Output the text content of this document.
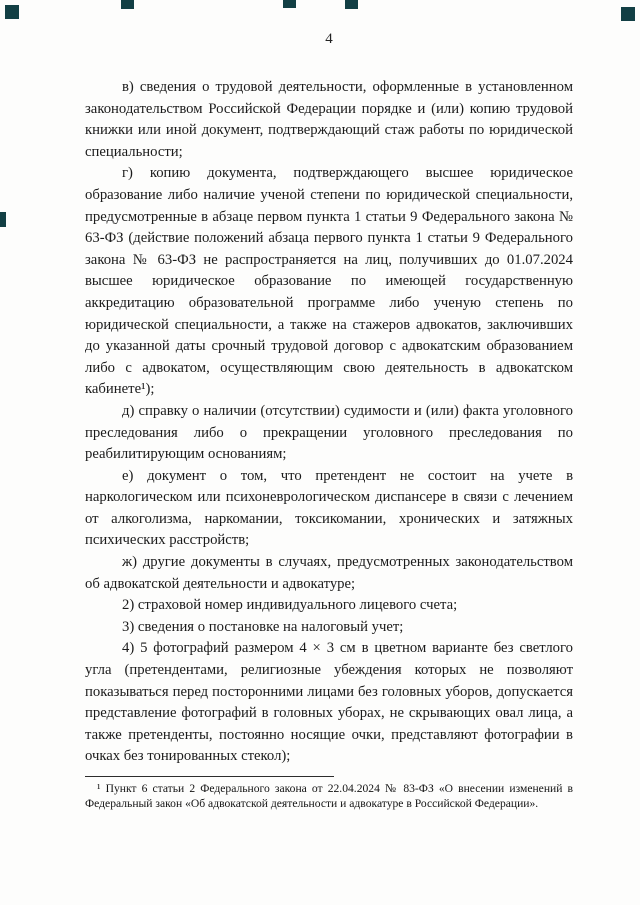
4

в) сведения о трудовой деятельности, оформленные в установленном законодательством Российской Федерации порядке и (или) копию трудовой книжки или иной документ, подтверждающий стаж работы по юридической специальности;

г) копию документа, подтверждающего высшее юридическое образование либо наличие ученой степени по юридической специальности, предусмотренные в абзаце первом пункта 1 статьи 9 Федерального закона № 63-ФЗ (действие положений абзаца первого пункта 1 статьи 9 Федерального закона № 63-ФЗ не распространяется на лиц, получивших до 01.07.2024 высшее юридическое образование по имеющей государственную аккредитацию образовательной программе либо ученую степень по юридической специальности, а также на стажеров адвокатов, заключивших до указанной даты срочный трудовой договор с адвокатским образованием либо с адвокатом, осуществляющим свою деятельность в адвокатском кабинете¹);

д) справку о наличии (отсутствии) судимости и (или) факта уголовного преследования либо о прекращении уголовного преследования по реабилитирующим основаниям;

е) документ о том, что претендент не состоит на учете в наркологическом или психоневрологическом диспансере в связи с лечением от алкоголизма, наркомании, токсикомании, хронических и затяжных психических расстройств;

ж) другие документы в случаях, предусмотренных законодательством об адвокатской деятельности и адвокатуре;

2) страховой номер индивидуального лицевого счета;

3) сведения о постановке на налоговый учет;

4) 5 фотографий размером 4 × 3 см в цветном варианте без светлого угла (претендентами, религиозные убеждения которых не позволяют показываться перед посторонними лицами без головных уборов, допускается представление фотографий в головных уборах, не скрывающих овал лица, а также претенденты, постоянно носящие очки, представляют фотографии в очках без тонированных стекол);

¹ Пункт 6 статьи 2 Федерального закона от 22.04.2024 № 83-ФЗ «О внесении изменений в Федеральный закон «Об адвокатской деятельности и адвокатуре в Российской Федерации».
